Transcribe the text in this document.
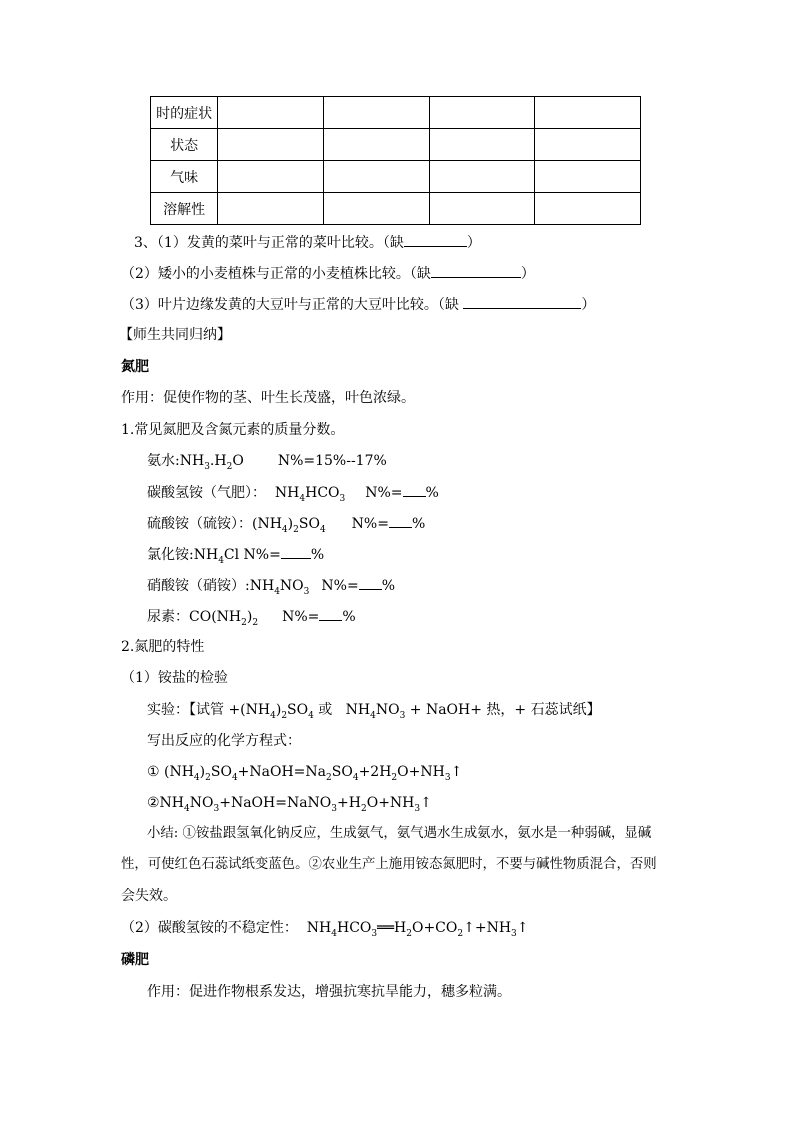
时的症状				
状态				
气味				
溶解性				
3、（1）发黄的菜叶与正常的菜叶比较。（缺	）
（2）矮小的小麦植株与正常的小麦植株比较。（缺	）
（3）叶片边缘发黄的大豆叶与正常的大豆叶比较。（缺	）
【师生共同归纳】
氮肥
作用：促使作物的茎、叶生长茂盛，叶色浓绿。
1.常见氮肥及含氮元素的质量分数。
氨水$:NH_3.H_2O$ N%=15%--17%
碳酸氢铵（气肥）： $NH_4HCO_3$ N%= %
硫酸铵（硫铵）：$(NH_4)_2SO_4$ N%= %
氯化铵$:NH_4Cl$ N%= %
硝酸铵（硝铵）$:NH_4NO_3$ N%= %
尿素：$CO(NH_2)_2$ N%= %
2.氮肥的特性
（1）铵盐的检验
实验：【试管 $+(NH_4)_2SO_4$ 或   $NH_4NO_3$ + NaOH+ 热，+ 石蕊试纸】
写出反应的化学方程式：
① $(NH_4)_2SO_4+NaOH=Na_2SO_4+2H_2O+NH_3↑$
$②NH_4NO_3+NaOH=NaNO_3+H_2O+NH_3↑$
小结: ①铵盐跟氢氧化钠反应，生成氨气，氨气遇水生成氨水，氨水是一种弱碱，显碱
性，可使红色石蕊试纸变蓝色。②农业生产上施用铵态氮肥时，不要与碱性物质混合，否则
会失效。
（2）碳酸氢铵的不稳定性：  $NH_4HCO_3══H_2O+CO_2↑+NH_3↑$
磷肥
作用：促进作物根系发达，增强抗寒抗旱能力，穗多粒满。
